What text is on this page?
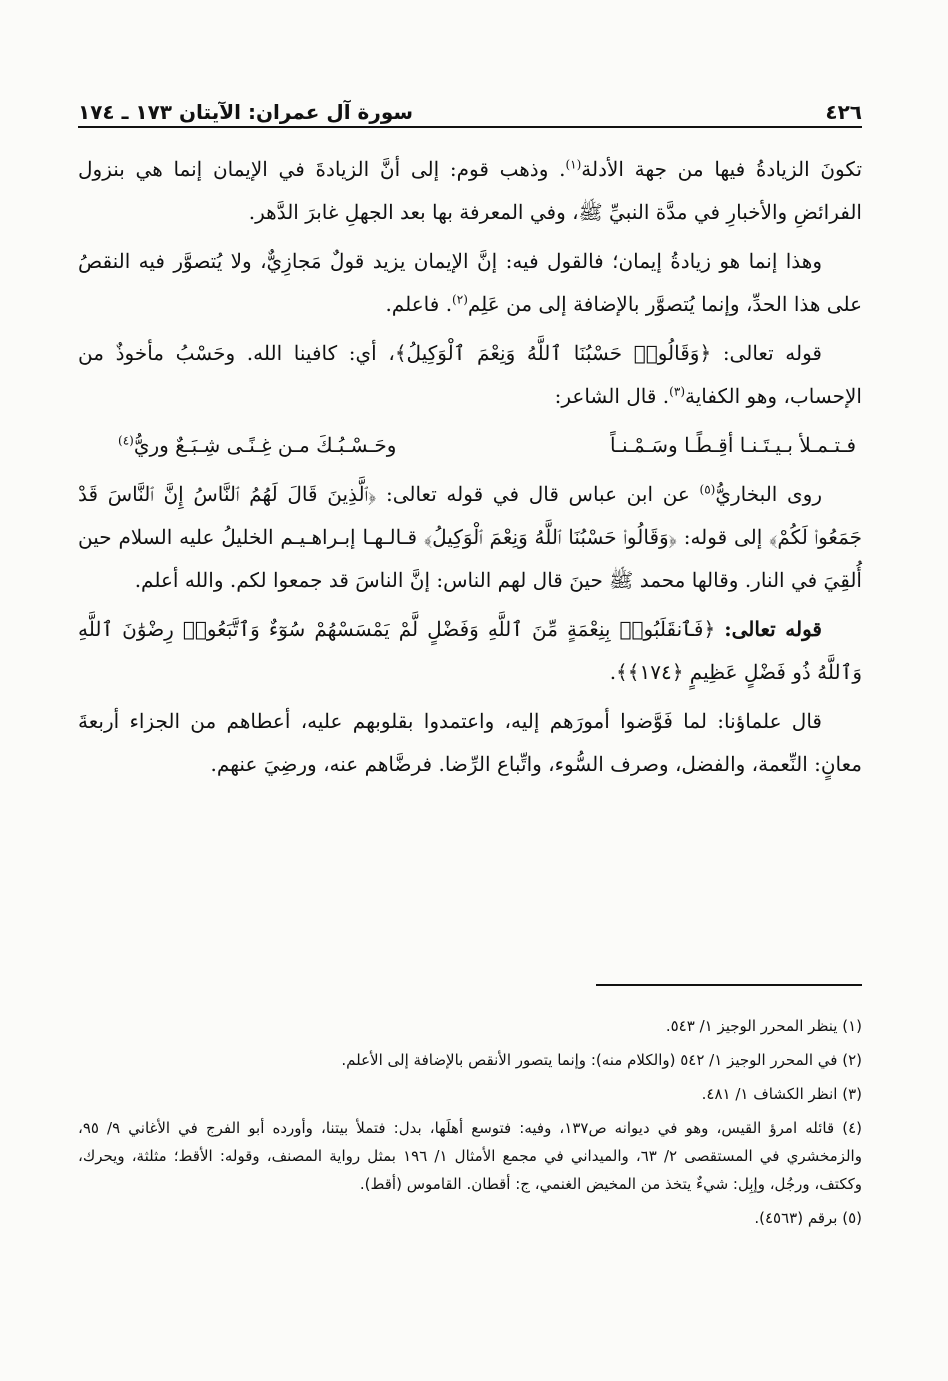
٤٢٦
سورة آل عمران: الآيتان ١٧٣ ـ ١٧٤

تكونَ الزيادةُ فيها من جهة الأدلة$^{(١)}$. وذهب قوم: إلى أنَّ الزيادةَ في الإيمان إنما هي بنزول الفرائضِ والأخبارِ في مدَّة النبيِّ ﷺ، وفي المعرفة بها بعد الجهلِ غابرَ الدَّهر.

وهذا إنما هو زيادةُ إيمان؛ فالقول فيه: إنَّ الإيمان يزيد قولٌ مَجازِيٌّ، ولا يُتصوَّر فيه النقصُ على هذا الحدِّ، وإنما يُتصوَّر بالإضافة إلى من عَلِم$^{(٢)}$. فاعلم.

قوله تعالى: ﴿وَقَالُوا۟ حَسْبُنَا ٱللَّهُ وَنِعْمَ ٱلْوَكِيلُ﴾، أي: كافينا الله. وحَسْبُ مأخوذٌ من الإحساب، وهو الكفاية$^{(٣)}$. قال الشاعر:

فـتـمـلأ بـيـتَـنـا أقِـطًـا وسَـمْـنـاً
وحَـسْـبُـكَ مـن غِـنًـى شِـبَـعٌ وريُّ$^{(٤)}$

روى البخاريُّ$^{(٥)}$ عن ابن عباس قال في قوله تعالى: ﴿ٱلَّذِينَ قَالَ لَهُمُ ٱلنَّاسُ إِنَّ ٱلنَّاسَ قَدْ جَمَعُوا۟ لَكُمْ﴾ إلى قوله: ﴿وَقَالُوا۟ حَسْبُنَا ٱللَّهُ وَنِعْمَ ٱلْوَكِيلُ﴾ قـالـهـا إبـراهـيـم الخليلُ عليه السلام حين أُلقِيَ في النار. وقالها محمد ﷺ حينَ قال لهم الناس: إنَّ الناسَ قد جمعوا لكم. والله أعلم.

قوله تعالى: ﴿فَٱنقَلَبُوا۟ بِنِعْمَةٍ مِّنَ ٱللَّهِ وَفَضْلٍ لَّمْ يَمْسَسْهُمْ سُوٓءٌ وَٱتَّبَعُوا۟ رِضْوَٰنَ ٱللَّهِ وَٱللَّهُ ذُو فَضْلٍ عَظِيمٍ ﴿١٧٤﴾﴾.

قال علماؤنا: لما فَوَّضوا أمورَهم إليه، واعتمدوا بقلوبهم عليه، أعطاهم من الجزاء أربعةَ معانٍ: النِّعمة، والفضل، وصرف السُّوء، واتِّباع الرِّضا. فرضَّاهم عنه، ورضِيَ عنهم.

(١) ينظر المحرر الوجيز ١/ ٥٤٣.
(٢) في المحرر الوجيز ١/ ٥٤٢ (والكلام منه): وإنما يتصور الأنقص بالإضافة إلى الأعلم.
(٣) انظر الكشاف ١/ ٤٨١.
(٤) قائله امرؤ القيس، وهو في ديوانه ص١٣٧، وفيه: فتوسع أهلَها، بدل: فتملأ بيتنا، وأورده أبو الفرج في الأغاني ٩/ ٩٥، والزمخشري في المستقصى ٢/ ٦٣، والميداني في مجمع الأمثال ١/ ١٩٦ بمثل رواية المصنف، وقوله: الأقط؛ مثلثة، ويحرك، وككتف، ورجُل، وإبِل: شيءٌ يتخذ من المخيض الغنمي، ج: أقطان. القاموس (أقط).
(٥) برقم (٤٥٦٣).
